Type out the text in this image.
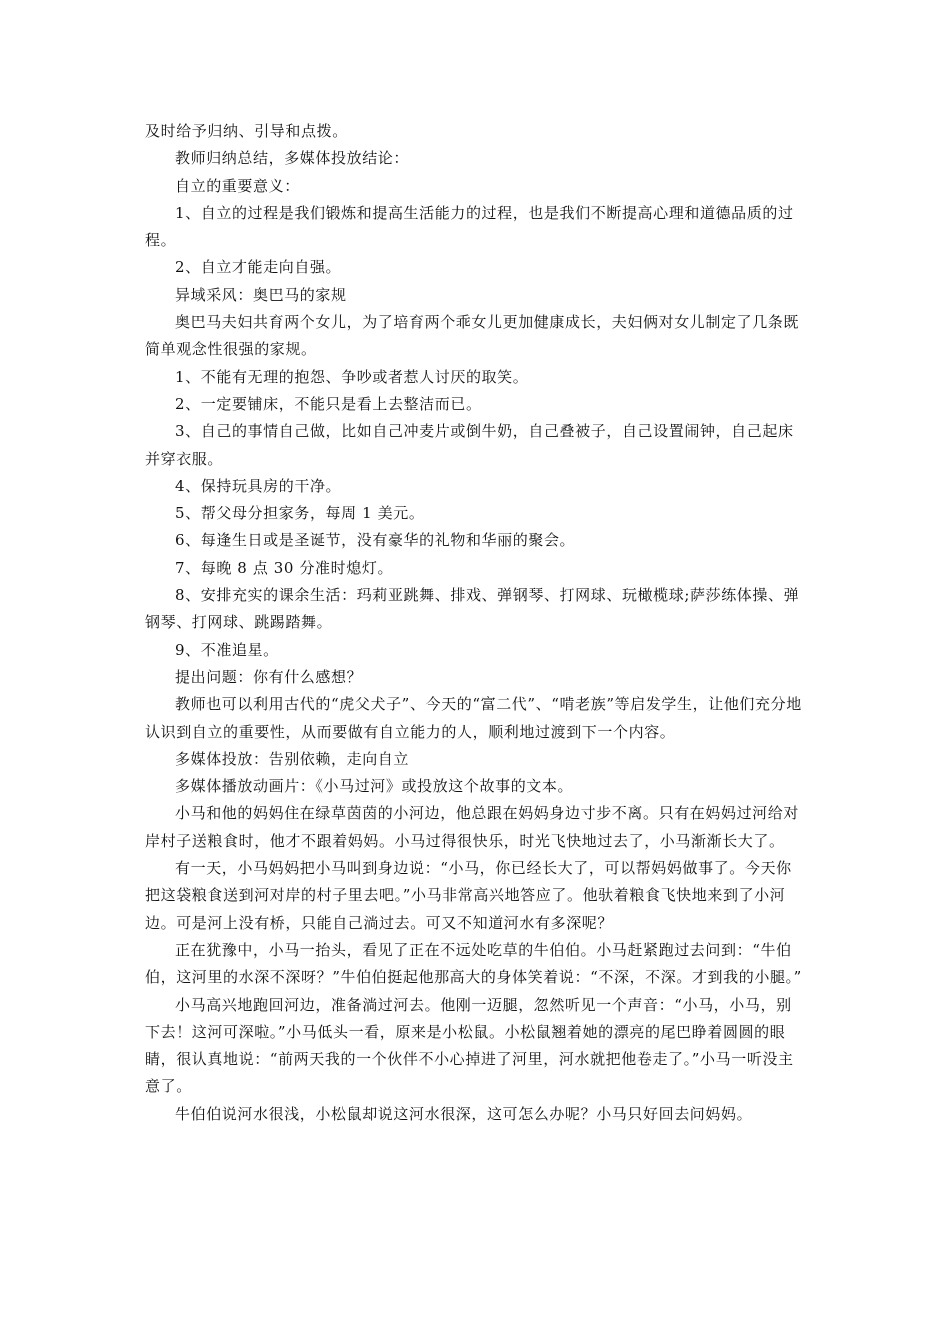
及时给予归纳、引导和点拨。

教师归纳总结，多媒体投放结论：

自立的重要意义：

1、自立的过程是我们锻炼和提高生活能力的过程，也是我们不断提高心理和道德品质的过程。

2、自立才能走向自强。

异域采风：奥巴马的家规

奥巴马夫妇共育两个女儿，为了培育两个乖女儿更加健康成长，夫妇俩对女儿制定了几条既简单观念性很强的家规。

1、不能有无理的抱怨、争吵或者惹人讨厌的取笑。

2、一定要铺床，不能只是看上去整洁而已。

3、自己的事情自己做，比如自己冲麦片或倒牛奶，自己叠被子，自己设置闹钟，自己起床并穿衣服。

4、保持玩具房的干净。

5、帮父母分担家务，每周 1 美元。

6、每逢生日或是圣诞节，没有豪华的礼物和华丽的聚会。

7、每晚 8 点 30 分准时熄灯。

8、安排充实的课余生活：玛莉亚跳舞、排戏、弹钢琴、打网球、玩橄榄球;萨莎练体操、弹钢琴、打网球、跳踢踏舞。

9、不准追星。

提出问题：你有什么感想？

教师也可以利用古代的“虎父犬子”、今天的“富二代”、“啃老族”等启发学生，让他们充分地认识到自立的重要性，从而要做有自立能力的人，顺利地过渡到下一个内容。

多媒体投放：告别依赖，走向自立

多媒体播放动画片：《小马过河》或投放这个故事的文本。

小马和他的妈妈住在绿草茵茵的小河边，他总跟在妈妈身边寸步不离。只有在妈妈过河给对岸村子送粮食时，他才不跟着妈妈。小马过得很快乐，时光飞快地过去了，小马渐渐长大了。

有一天，小马妈妈把小马叫到身边说：“小马，你已经长大了，可以帮妈妈做事了。今天你把这袋粮食送到河对岸的村子里去吧。”小马非常高兴地答应了。他驮着粮食飞快地来到了小河边。可是河上没有桥，只能自己淌过去。可又不知道河水有多深呢？

正在犹豫中，小马一抬头，看见了正在不远处吃草的牛伯伯。小马赶紧跑过去问到：“牛伯伯，这河里的水深不深呀？”牛伯伯挺起他那高大的身体笑着说：“不深，不深。才到我的小腿。”

小马高兴地跑回河边，准备淌过河去。他刚一迈腿，忽然听见一个声音：“小马，小马，别下去！这河可深啦。”小马低头一看，原来是小松鼠。小松鼠翘着她的漂亮的尾巴睁着圆圆的眼睛，很认真地说：“前两天我的一个伙伴不小心掉进了河里，河水就把他卷走了。”小马一听没主意了。

牛伯伯说河水很浅，小松鼠却说这河水很深，这可怎么办呢？小马只好回去问妈妈。
